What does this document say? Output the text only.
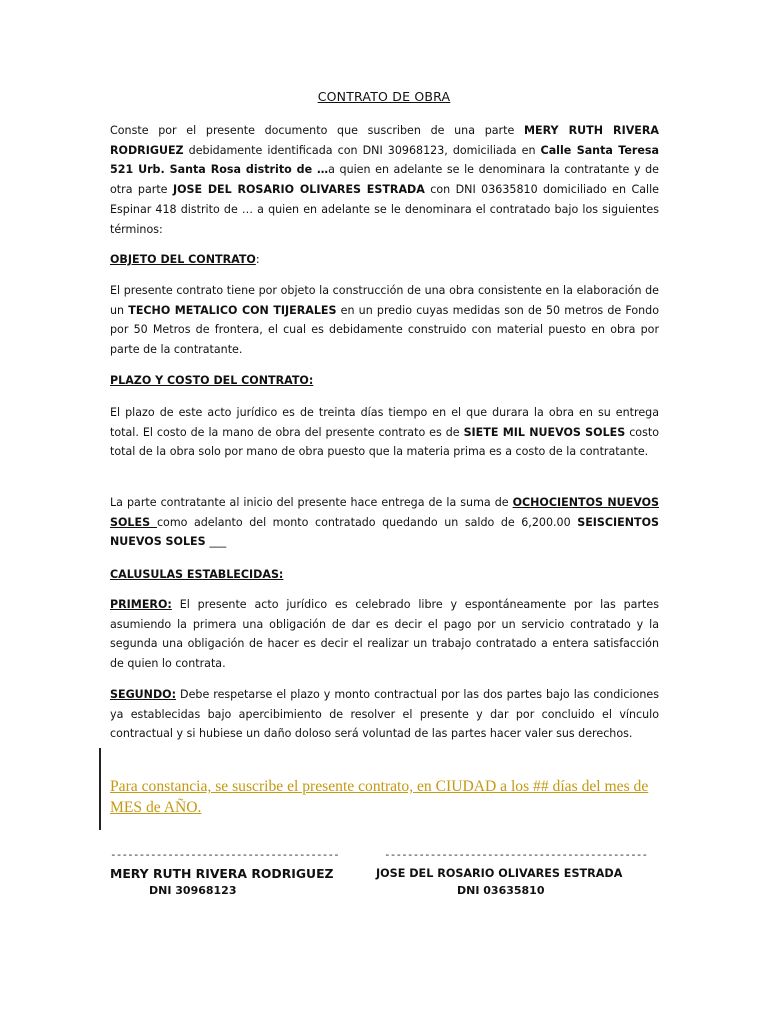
CONTRATO DE OBRA
Conste por el presente documento que suscriben de una parte MERY RUTH RIVERA RODRIGUEZ debidamente identificada con DNI 30968123, domiciliada en Calle Santa Teresa 521 Urb. Santa Rosa distrito de …a quien en adelante se le denominara la contratante y de otra parte JOSE DEL ROSARIO OLIVARES ESTRADA con DNI 03635810 domiciliado en Calle Espinar 418 distrito de … a quien en adelante se le denominara el contratado bajo los siguientes términos:
OBJETO DEL CONTRATO:
El presente contrato tiene por objeto la construcción de una obra consistente en la elaboración de un TECHO METALICO CON TIJERALES en un predio cuyas medidas son de 50 metros de Fondo por 50 Metros de frontera, el cual es debidamente construido con material puesto en obra por parte de la contratante.
PLAZO Y COSTO DEL CONTRATO:
El plazo de este acto jurídico es de treinta días tiempo en el que durara la obra en su entrega total. El costo de la mano de obra del presente contrato es de SIETE MIL NUEVOS SOLES costo total de la obra solo por mano de obra puesto que la materia prima es a costo de la contratante.
La parte contratante al inicio del presente hace entrega de la suma de OCHOCIENTOS NUEVOS SOLES como adelanto del monto contratado quedando un saldo de 6,200.00 SEISCIENTOS NUEVOS SOLES ___
CALUSULAS ESTABLECIDAS:
PRIMERO: El presente acto jurídico es celebrado libre y espontáneamente por las partes asumiendo la primera una obligación de dar es decir el pago por un servicio contratado y la segunda una obligación de hacer es decir el realizar un trabajo contratado a entera satisfacción de quien lo contrata.
SEGUNDO: Debe respetarse el plazo y monto contractual por las dos partes bajo las condiciones ya establecidas bajo apercibimiento de resolver el presente y dar por concluido el vínculo contractual y si hubiese un daño doloso será voluntad de las partes hacer valer sus derechos.
Para constancia, se suscribe el presente contrato, en CIUDAD a los ## días del mes de MES de AÑO.
----------------------------------------	----------------------------------------------
MERY RUTH RIVERA RODRIGUEZ	JOSE DEL ROSARIO OLIVARES ESTRADA
DNI 30968123	DNI 03635810
